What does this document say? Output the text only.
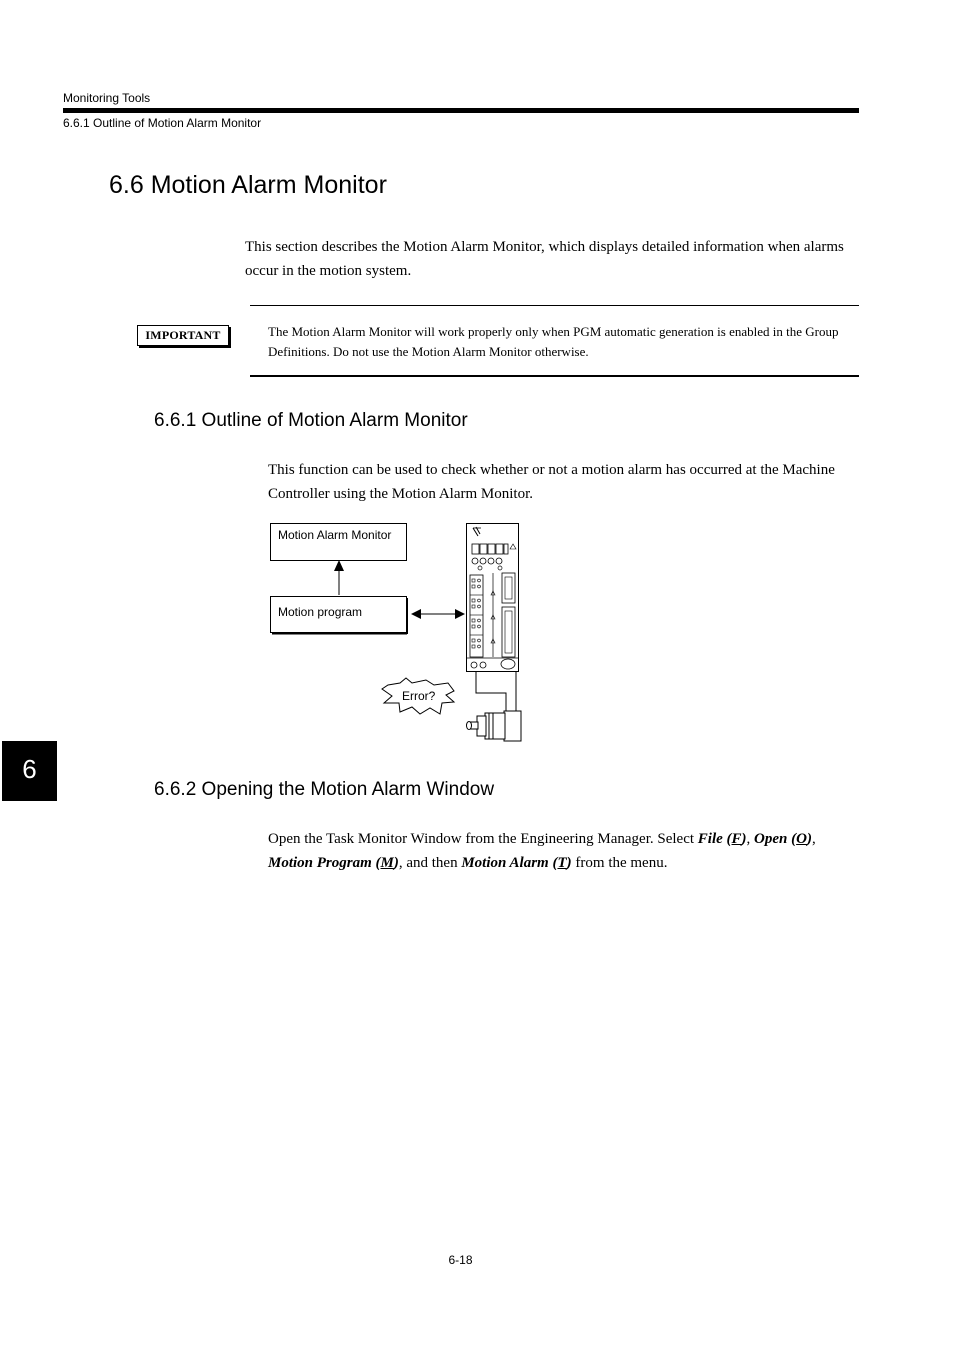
Monitoring Tools
6.6.1 Outline of Motion Alarm Monitor
6.6 Motion Alarm Monitor
This section describes the Motion Alarm Monitor, which displays detailed information when alarms occur in the motion system.
IMPORTANT	The Motion Alarm Monitor will work properly only when PGM automatic generation is enabled in the Group Definitions. Do not use the Motion Alarm Monitor otherwise.
6.6.1 Outline of Motion Alarm Monitor
This function can be used to check whether or not a motion alarm has occurred at the Machine Controller using the Motion Alarm Monitor.
Motion Alarm Monitor
Motion program
Error?
6.6.2 Opening the Motion Alarm Window
Open the Task Monitor Window from the Engineering Manager. Select File (F), Open (O),
Motion Program (M), and then Motion Alarm (T) from the menu.
6
6-18
